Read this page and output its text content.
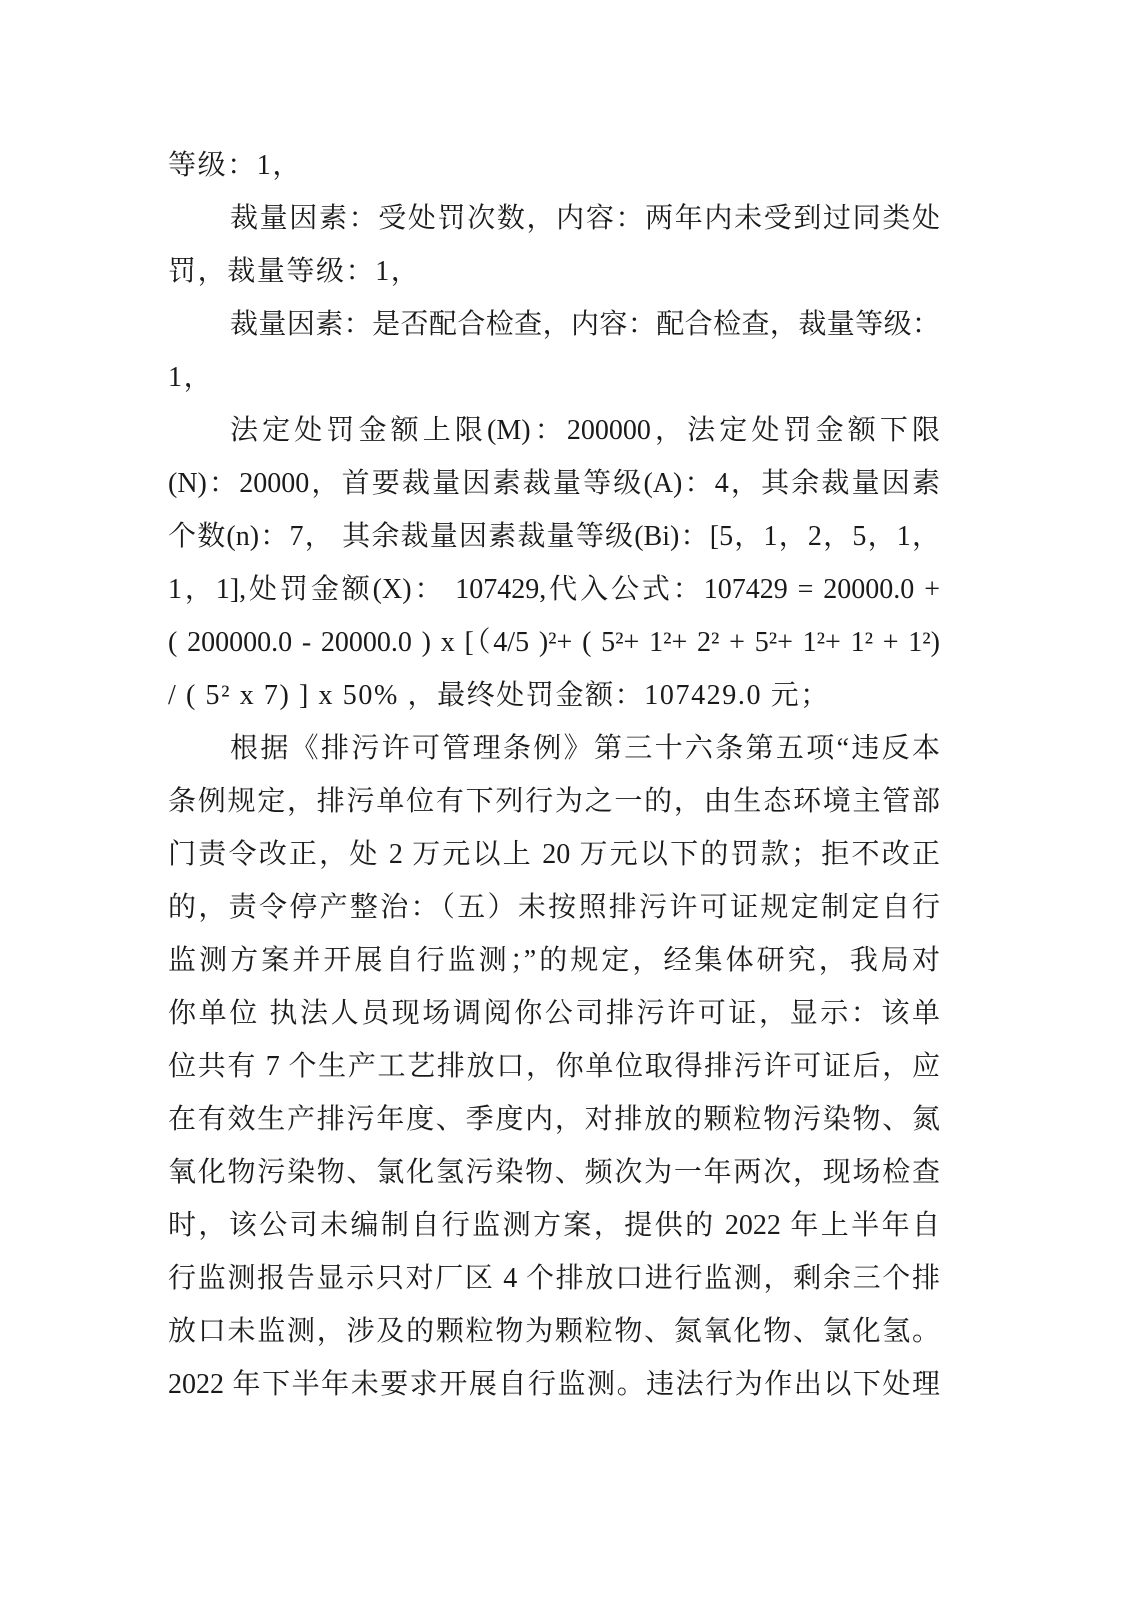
等级：1，
裁量因素：受处罚次数，内容：两年内未受到过同类处
罚，裁量等级：1，
裁量因素：是否配合检查，内容：配合检查，裁量等级：
1，
法定处罚金额上限(M)：200000，法定处罚金额下限
(N)：20000，首要裁量因素裁量等级(A)：4，其余裁量因素
个数(n)：7， 其余裁量因素裁量等级(Bi)：[5，1，2，5，1，
1，1],处罚金额(X)： 107429,代入公式：107429 = 20000.0 +
( 200000.0 - 20000.0 ) x [（4/5 )²+ ( 5²+ 1²+ 2² + 5²+ 1²+ 1² + 1²)
/ ( 5² x 7) ] x 50% ，最终处罚金额：107429.0 元；
根据《排污许可管理条例》第三十六条第五项“违反本
条例规定，排污单位有下列行为之一的，由生态环境主管部
门责令改正，处 2 万元以上 20 万元以下的罚款；拒不改正
的，责令停产整治：（五）未按照排污许可证规定制定自行
监测方案并开展自行监测；”的规定，经集体研究，我局对
你单位 执法人员现场调阅你公司排污许可证，显示：该单
位共有 7 个生产工艺排放口，你单位取得排污许可证后，应
在有效生产排污年度、季度内，对排放的颗粒物污染物、氮
氧化物污染物、氯化氢污染物、频次为一年两次，现场检查
时，该公司未编制自行监测方案，提供的 2022 年上半年自
行监测报告显示只对厂区 4 个排放口进行监测，剩余三个排
放口未监测，涉及的颗粒物为颗粒物、氮氧化物、氯化氢。
2022 年下半年未要求开展自行监测。违法行为作出以下处理
